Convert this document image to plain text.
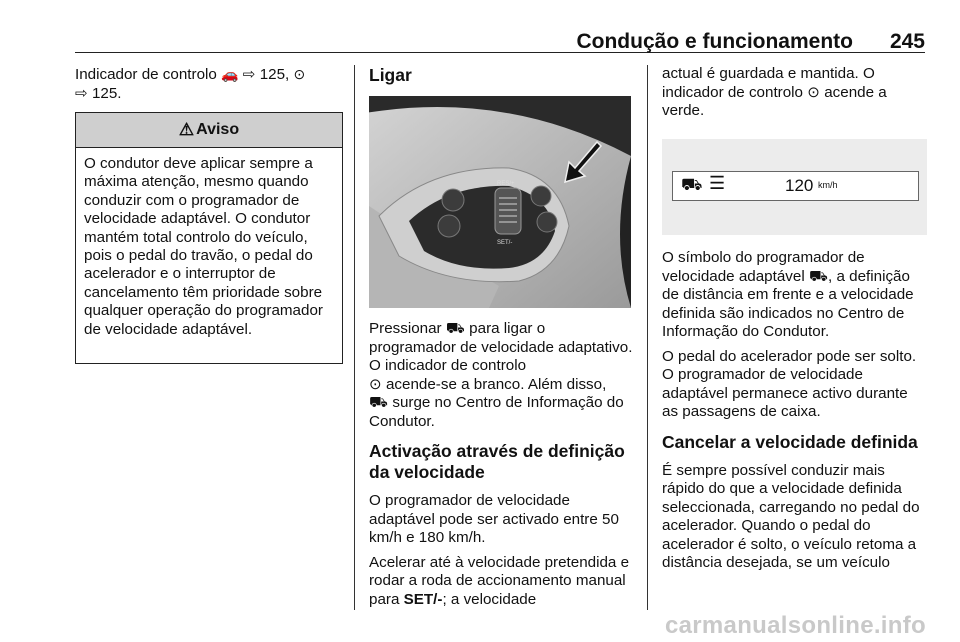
Condução e funcionamento 245

Indicador de controlo 🚗 ⇨ 125, ⊙
⇨ 125.

⚠ Aviso
O condutor deve aplicar sempre a máxima atenção, mesmo quando conduzir com o programador de velocidade adaptável. O condutor mantém total controlo do veículo, pois o pedal do travão, o pedal do acelerador e o interruptor de cancelamento têm prioridade sobre qualquer operação do programador de velocidade adaptável.
Ligar
RES/+
SET/-

Pressionar ⛟ para ligar o programador de velocidade adaptativo. O indicador de controlo
⊙ acende-se a branco. Além disso,
⛟ surge no Centro de Informação do Condutor.

Activação através de definição da velocidade

O programador de velocidade adaptável pode ser activado entre 50 km/h e 180 km/h.

Acelerar até à velocidade pretendida e rodar a roda de accionamento manual para SET/-; a velocidade

actual é guardada e mantida. O indicador de controlo ⊙ acende a verde.

⛟ ☰	120 km/h

O símbolo do programador de velocidade adaptável ⛟, a definição de distância em frente e a velocidade definida são indicados no Centro de Informação do Condutor.

O pedal do acelerador pode ser solto. O programador de velocidade adaptável permanece activo durante as passagens de caixa.

Cancelar a velocidade definida

É sempre possível conduzir mais rápido do que a velocidade definida seleccionada, carregando no pedal do acelerador. Quando o pedal do acelerador é solto, o veículo retoma a distância desejada, se um veículo

carmanualsonline.info
